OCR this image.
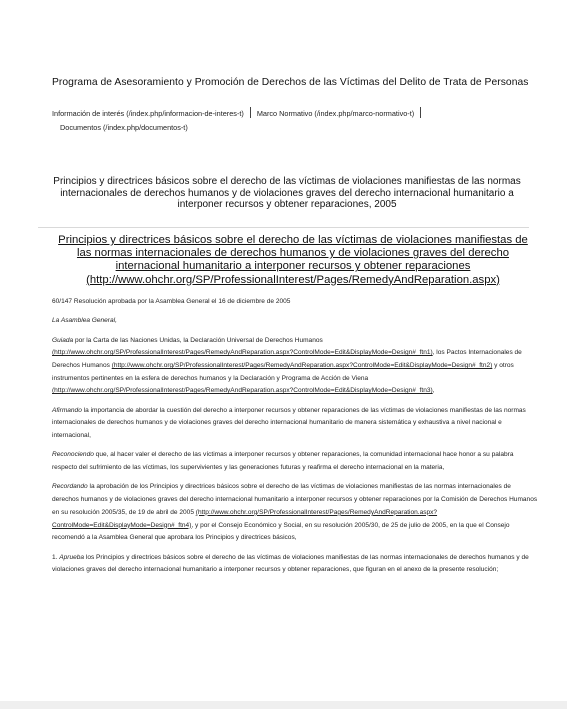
Programa de Asesoramiento y Promoción de Derechos de las Víctimas del Delito de Trata de Personas
Información de interés (/index.php/informacion-de-interes-t) Marco Normativo (/index.php/marco-normativo-t)
Documentos (/index.php/documentos-t)
Principios y directrices básicos sobre el derecho de las víctimas de violaciones manifiestas de las normas internacionales de derechos humanos y de violaciones graves del derecho internacional humanitario a interponer recursos y obtener reparaciones, 2005
Principios y directrices básicos sobre el derecho de las víctimas de violaciones manifiestas de las normas internacionales de derechos humanos y de violaciones graves del derecho internacional humanitario a interponer recursos y obtener reparaciones (http://www.ohchr.org/SP/ProfessionalInterest/Pages/RemedyAndReparation.aspx)

60/147 Resolución aprobada por la Asamblea General el 16 de diciembre de 2005

La Asamblea General,

Guiada por la Carta de las Naciones Unidas, la Declaración Universal de Derechos Humanos (http://www.ohchr.org/SP/ProfessionalInterest/Pages/RemedyAndReparation.aspx?ControlMode=Edit&DisplayMode=Design#_ftn1), los Pactos Internacionales de Derechos Humanos (http://www.ohchr.org/SP/ProfessionalInterest/Pages/RemedyAndReparation.aspx?ControlMode=Edit&DisplayMode=Design#_ftn2) y otros instrumentos pertinentes en la esfera de derechos humanos y la Declaración y Programa de Acción de Viena (http://www.ohchr.org/SP/ProfessionalInterest/Pages/RemedyAndReparation.aspx?ControlMode=Edit&DisplayMode=Design#_ftn3),

Afirmando la importancia de abordar la cuestión del derecho a interponer recursos y obtener reparaciones de las víctimas de violaciones manifiestas de las normas internacionales de derechos humanos y de violaciones graves del derecho internacional humanitario de manera sistemática y exhaustiva a nivel nacional e internacional,

Reconociendo que, al hacer valer el derecho de las víctimas a interponer recursos y obtener reparaciones, la comunidad internacional hace honor a su palabra respecto del sufrimiento de las víctimas, los supervivientes y las generaciones futuras y reafirma el derecho internacional en la materia,

Recordando la aprobación de los Principios y directrices básicos sobre el derecho de las víctimas de violaciones manifiestas de las normas internacionales de derechos humanos y de violaciones graves del derecho internacional humanitario a interponer recursos y obtener reparaciones por la Comisión de Derechos Humanos en su resolución 2005/35, de 19 de abril de 2005 (http://www.ohchr.org/SP/ProfessionalInterest/Pages/RemedyAndReparation.aspx?ControlMode=Edit&DisplayMode=Design#_ftn4), y por el Consejo Económico y Social, en su resolución 2005/30, de 25 de julio de 2005, en la que el Consejo recomendó a la Asamblea General que aprobara los Principios y directrices básicos,

1. Aprueba los Principios y directrices básicos sobre el derecho de las víctimas de violaciones manifiestas de las normas internacionales de derechos humanos y de violaciones graves del derecho internacional humanitario a interponer recursos y obtener reparaciones, que figuran en el anexo de la presente resolución;
